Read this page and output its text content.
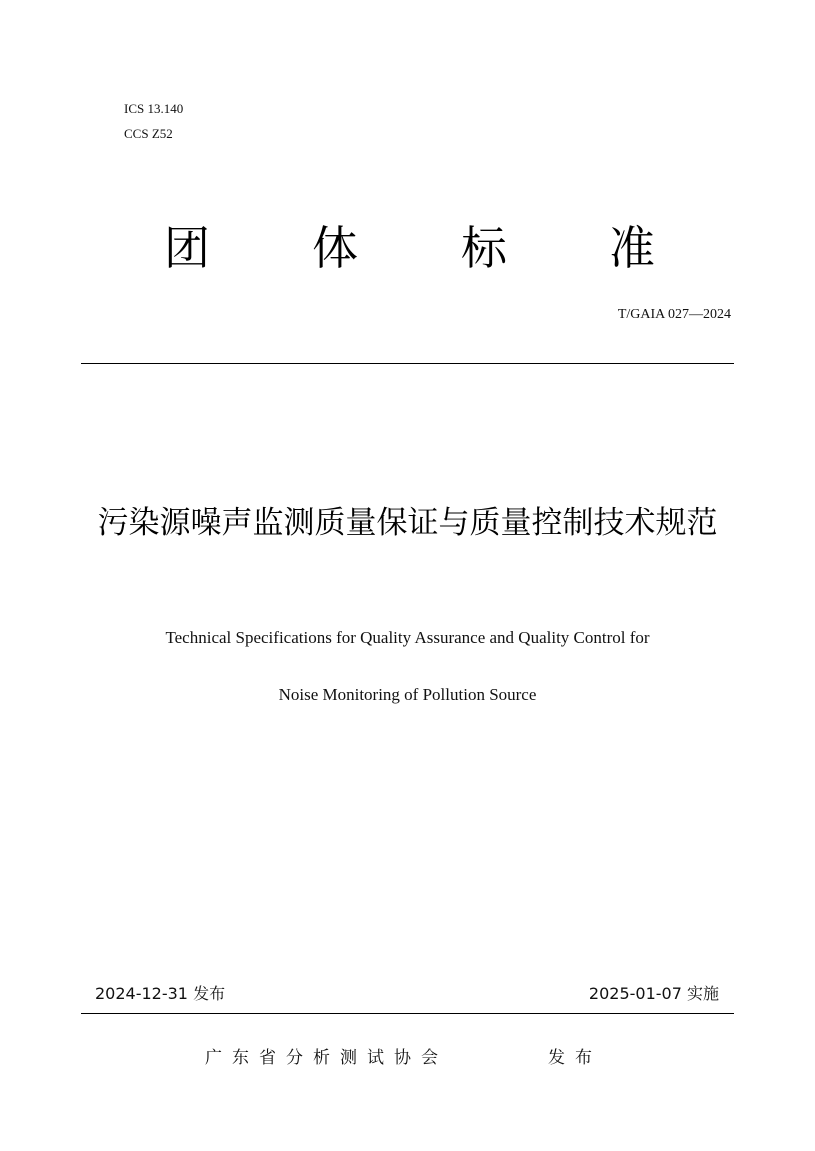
ICS 13.140
CCS Z52
团 体 标 准
T/GAIA 027—2024
污染源噪声监测质量保证与质量控制技术规范
Technical Specifications for Quality Assurance and Quality Control for
Noise Monitoring of Pollution Source
2024-12-31 发布	2025-01-07 实施
广东省分析测试协会	发布
